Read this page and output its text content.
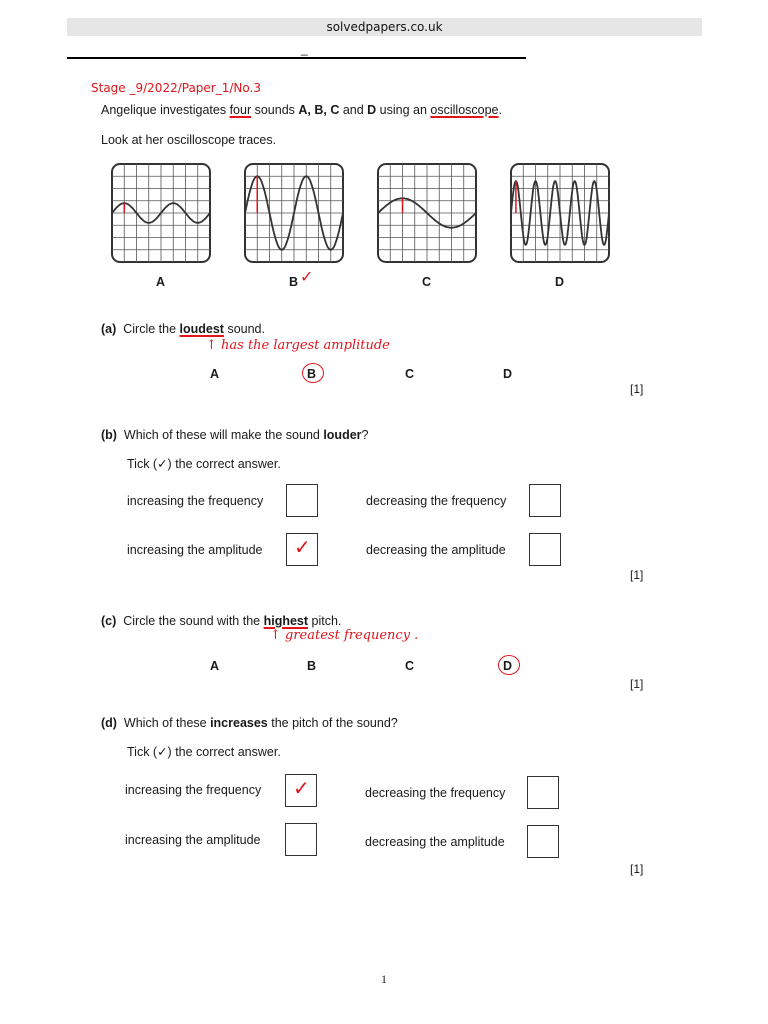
solvedpapers.co.uk
_
Stage _9/2022/Paper_1/No.3
Angelique investigates four sounds A, B, C and D using an oscilloscope.
Look at her oscilloscope traces.
A	B ✓	C	D
(a) Circle the loudest sound.
↑ has the largest amplitude
A	B	C	D
[1]
(b) Which of these will make the sound louder?
Tick (✓) the correct answer.
increasing the frequency	decreasing the frequency
increasing the amplitude ✓	decreasing the amplitude
[1]
(c) Circle the sound with the highest pitch.
↑ greatest frequency .
A	B	C	D
[1]
(d) Which of these increases the pitch of the sound?
Tick (✓) the correct answer.
increasing the frequency ✓	decreasing the frequency
increasing the amplitude	decreasing the amplitude
[1]
1
